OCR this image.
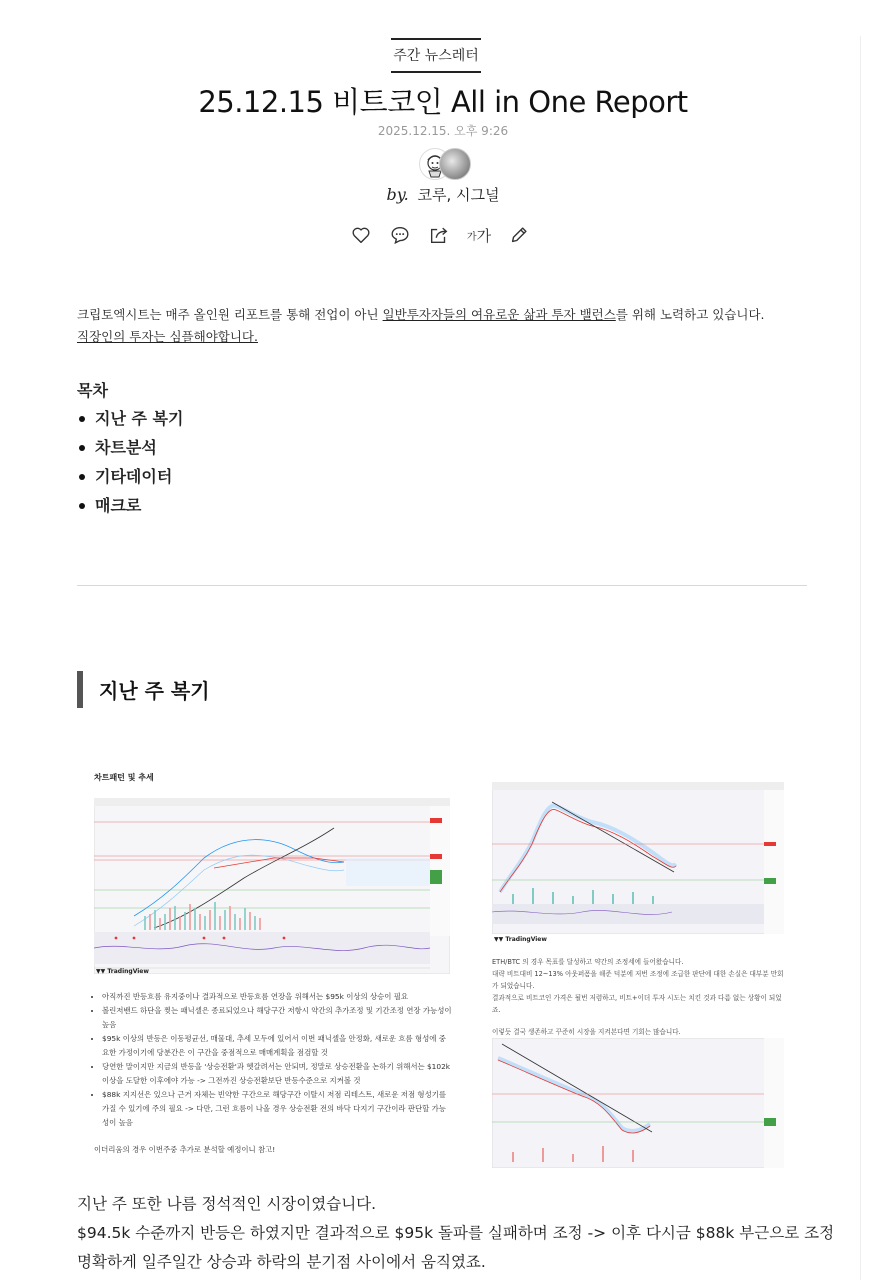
주간 뉴스레터
25.12.15 비트코인 All in One Report
2025.12.15. 오후 9:26
by. 코루, 시그널
가 가
크립토엑시트는 매주 올인원 리포트를 통해 전업이 아닌 일반투자자들의 여유로운 삶과 투자 밸런스를 위해 노력하고 있습니다.
직장인의 투자는 심플해야합니다.
목차
지난 주 복기
차트분석
기타데이터
매크로
지난 주 복기
차트패턴 및 추세
▼▼ TradingView
• 아직까진 반등흐름 유지중이나 결과적으로 반등흐름 연장을 위해서는 $95k 이상의 상승이 필요
• 볼린저밴드 하단을 찢는 패닉셀은 종료되었으나 해당구간 저항시 약간의 추가조정 및 기간조정 연장 가능성이 높음
• $95k 이상의 반등은 이동평균선, 매물대, 추세 모두에 있어서 이번 패닉셀을 안정화, 새로운 흐름 형성에 중요한 가정이기에 당분간은 이 구간을 중점적으로 매매계획을 점검할 것
• 당연한 말이지만 지금의 반등을 '상승전환'과 헷갈려서는 안되며, 정말로 상승전환을 논하기 위해서는 $102k 이상을 도달한 이후에야 가능 -> 그전까진 상승전환보단 반등수준으로 지켜볼 것
• $88k 지지선은 있으나 근거 자체는 빈약한 구간으로 해당구간 이탈시 저점 리테스트, 새로운 저점 형성기를 가질 수 있기에 주의 필요 -> 다만, 그런 흐름이 나올 경우 상승전환 전의 바닥 다지기 구간이라 판단할 가능성이 높음
이더리움의 경우 이번주중 추가로 분석할 예정이니 참고!
▼▼ TradingView
ETH/BTC 의 경우 목표를 달성하고 약간의 조정세에 들어왔습니다.
대략 비트대비 12~13% 아웃퍼폼을 해준 덕분에 저번 조정에 조급한 판단에 대한 손실은 대부분 만회가 되었습니다.
결과적으로 비트코인 가격은 될번 저렴하고, 비트+이더 투자 시도는 치킨 것과 다름 없는 상황이 되었죠.
이렇듯 결국 생존하고 꾸준히 시장을 지켜본다면 기회는 많습니다.
지난 주 또한 나름 정석적인 시장이였습니다.
$94.5k 수준까지 반등은 하였지만 결과적으로 $95k 돌파를 실패하며 조정 -> 이후 다시금 $88k 부근으로 조정
명확하게 일주일간 상승과 하락의 분기점 사이에서 움직였죠.
